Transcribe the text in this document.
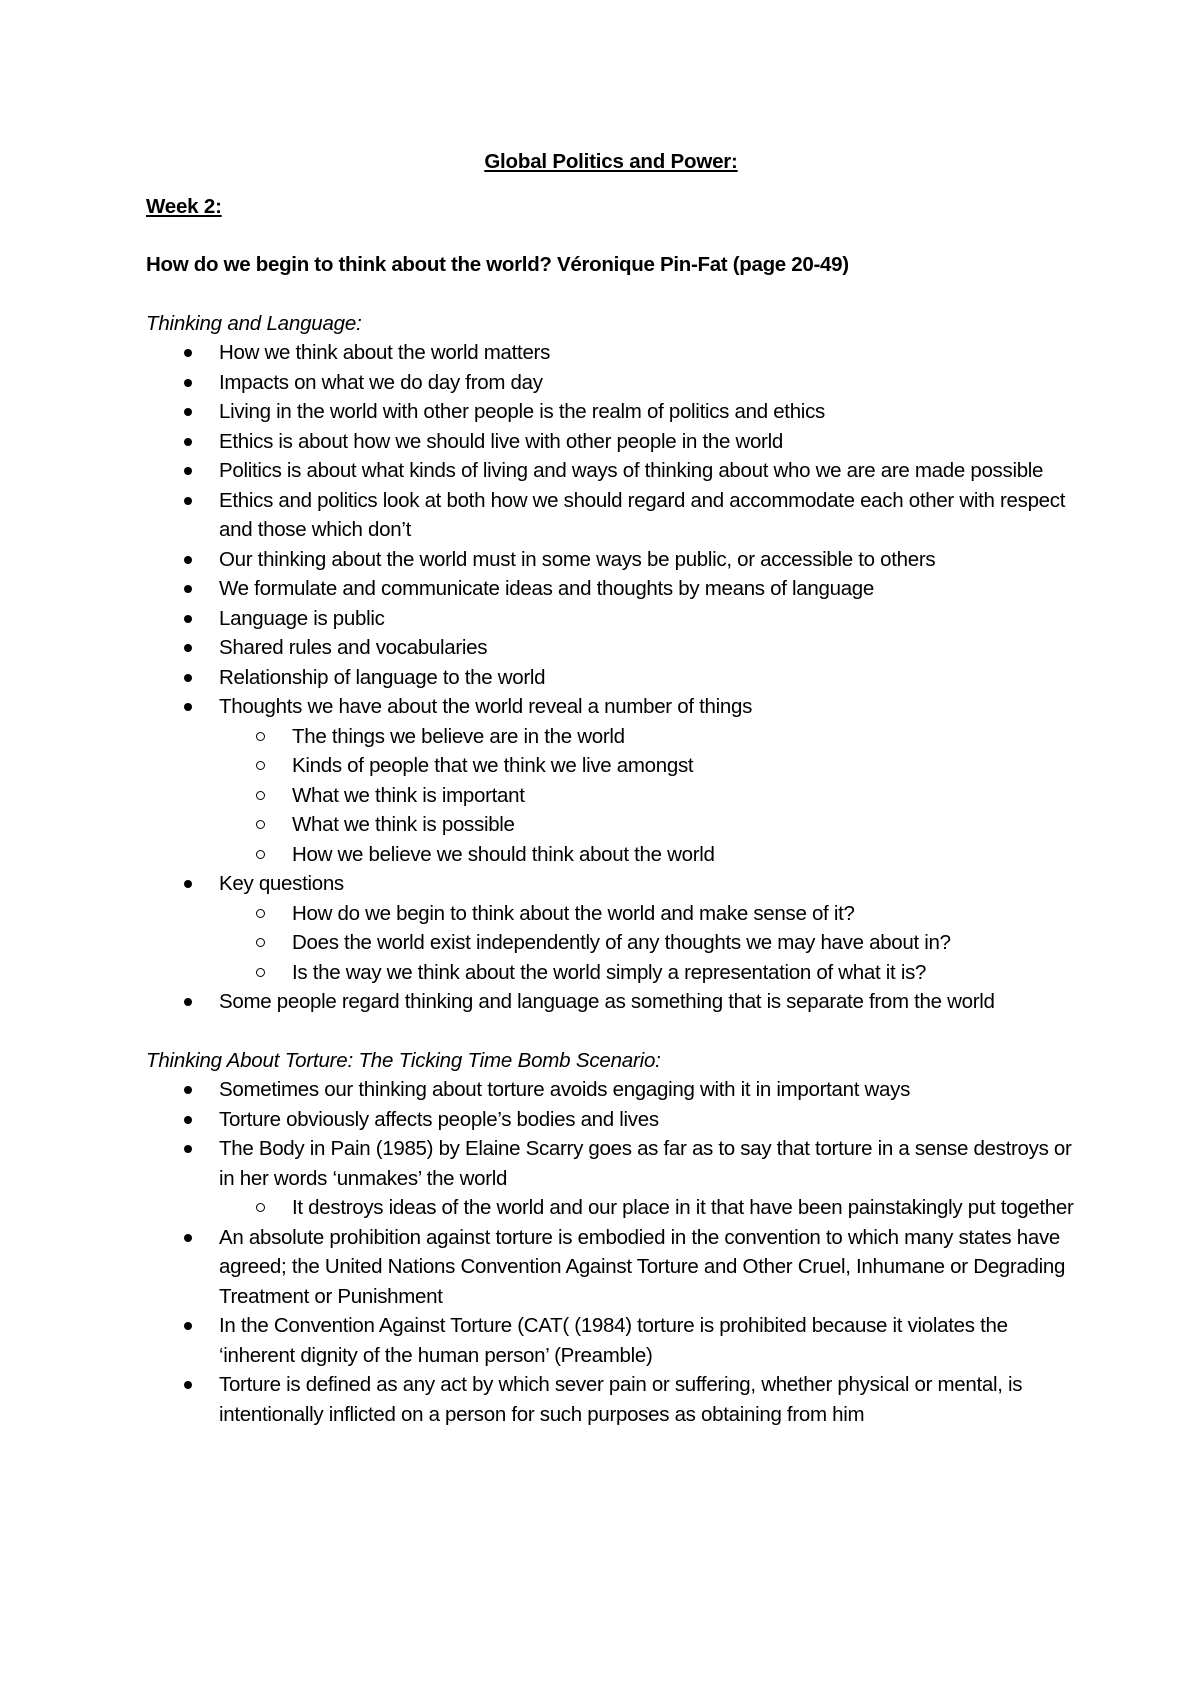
Global Politics and Power:
Week 2:
How do we begin to think about the world? Véronique Pin-Fat (page 20-49)
Thinking and Language:
How we think about the world matters
Impacts on what we do day from day
Living in the world with other people is the realm of politics and ethics
Ethics is about how we should live with other people in the world
Politics is about what kinds of living and ways of thinking about who we are are made possible
Ethics and politics look at both how we should regard and accommodate each other with respect and those which don’t
Our thinking about the world must in some ways be public, or accessible to others
We formulate and communicate ideas and thoughts by means of language
Language is public
Shared rules and vocabularies
Relationship of language to the world
Thoughts we have about the world reveal a number of things
The things we believe are in the world
Kinds of people that we think we live amongst
What we think is important
What we think is possible
How we believe we should think about the world
Key questions
How do we begin to think about the world and make sense of it?
Does the world exist independently of any thoughts we may have about in?
Is the way we think about the world simply a representation of what it is?
Some people regard thinking and language as something that is separate from the world
Thinking About Torture: The Ticking Time Bomb Scenario:
Sometimes our thinking about torture avoids engaging with it in important ways
Torture obviously affects people’s bodies and lives
The Body in Pain (1985) by Elaine Scarry goes as far as to say that torture in a sense destroys or in her words ‘unmakes’ the world
It destroys ideas of the world and our place in it that have been painstakingly put together
An absolute prohibition against torture is embodied in the convention to which many states have agreed; the United Nations Convention Against Torture and Other Cruel, Inhumane or Degrading Treatment or Punishment
In the Convention Against Torture (CAT( (1984) torture is prohibited because it violates the ‘inherent dignity of the human person’ (Preamble)
Torture is defined as any act by which sever pain or suffering, whether physical or mental, is intentionally inflicted on a person for such purposes as obtaining from him
